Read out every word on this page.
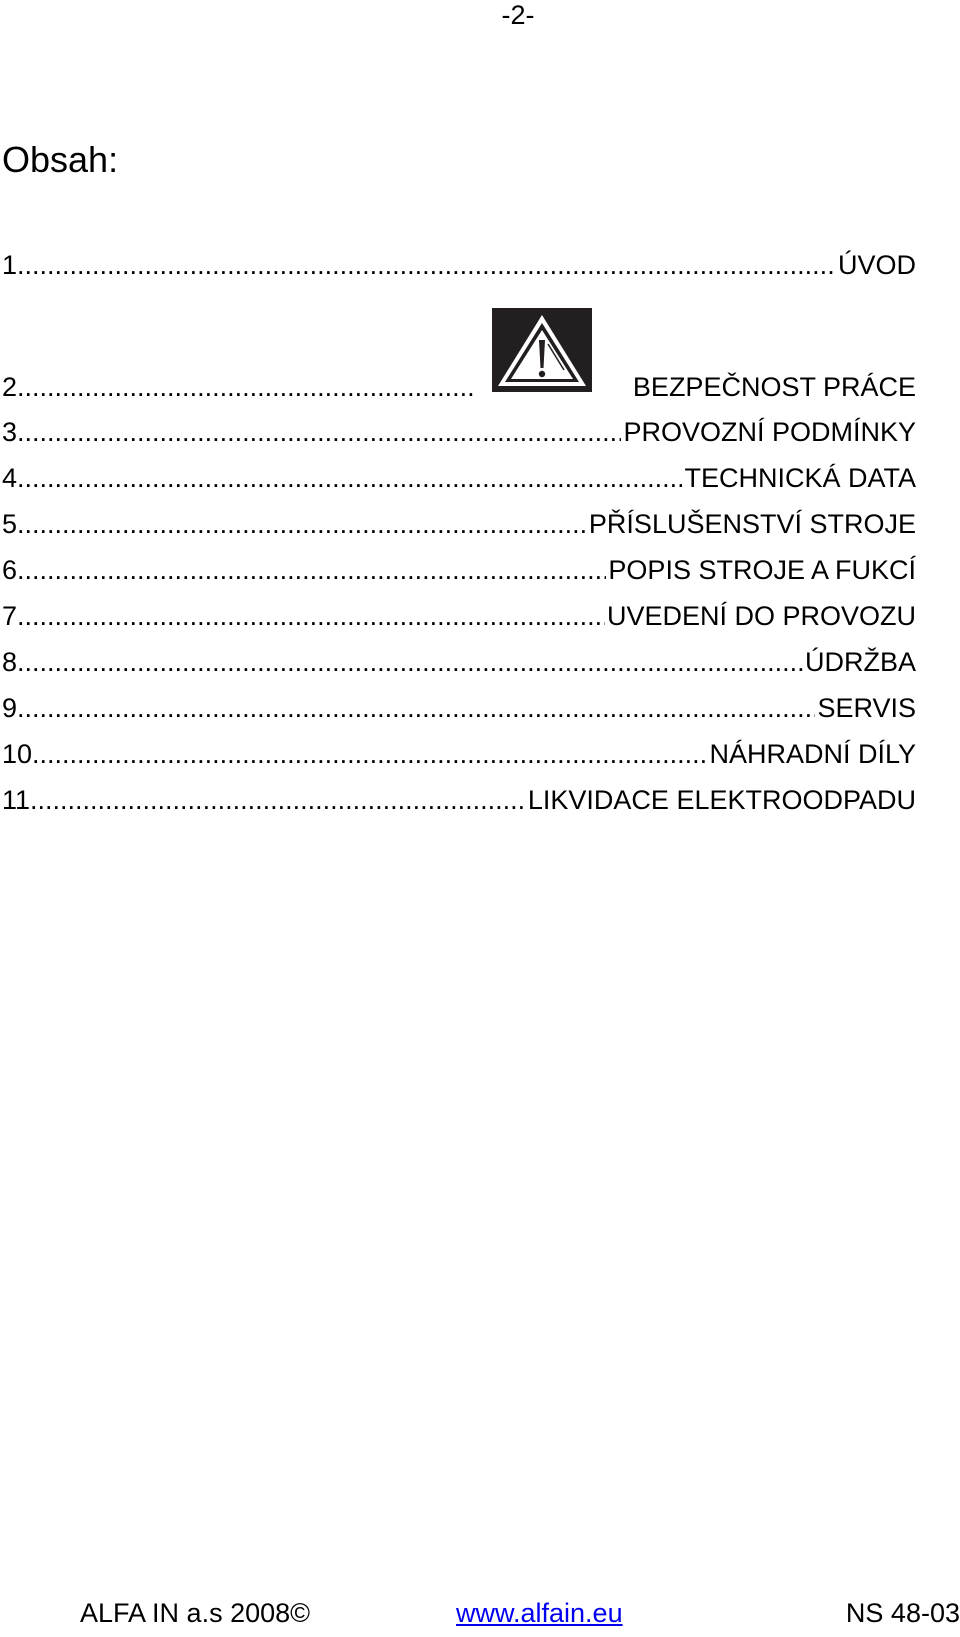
-2-
Obsah:
1. .....	ÚVOD
2. .....	BEZPEČNOST PRÁCE
3. .....	PROVOZNÍ PODMÍNKY
4. .....	TECHNICKÁ DATA
5. .....	PŘÍSLUŠENSTVÍ STROJE
6. .....	POPIS STROJE A FUKCÍ
7. .....	UVEDENÍ DO PROVOZU
8. .....	ÚDRŽBA
9. .....	SERVIS
10. .....	NÁHRADNÍ DÍLY
11. .....	LIKVIDACE ELEKTROODPADU
ALFA IN a.s 2008©	www.alfain.eu	NS 48-03
